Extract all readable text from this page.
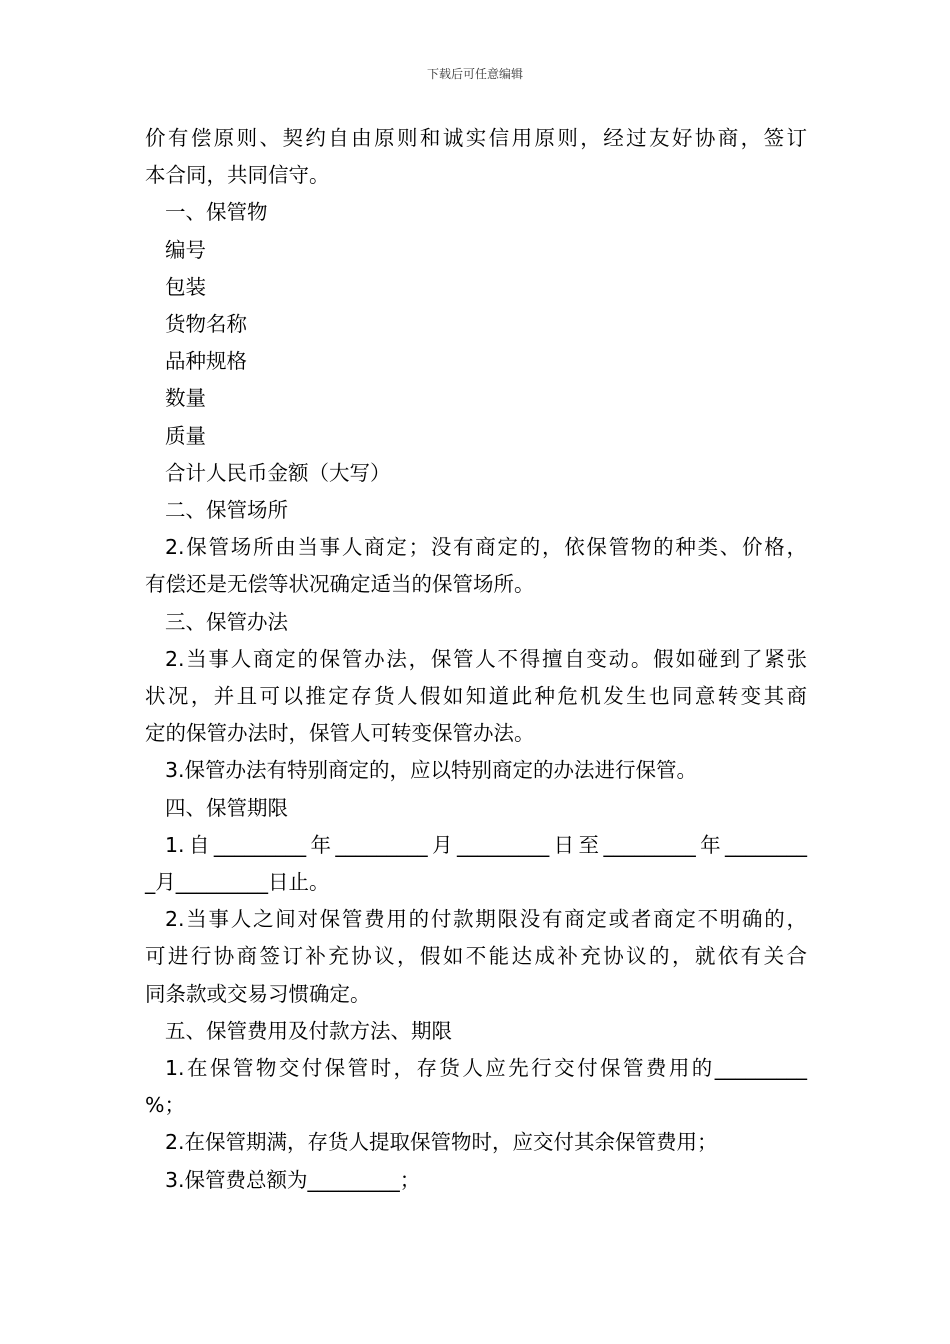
下载后可任意编辑

价有偿原则、契约自由原则和诚实信用原则，经过友好协商，签订

本合同，共同信守。

一、保管物

编号

包装

货物名称

品种规格

数量

质量

合计人民币金额（大写）

二、保管场所

2.保管场所由当事人商定；没有商定的，依保管物的种类、价格，

有偿还是无偿等状况确定适当的保管场所。

三、保管办法

2.当事人商定的保管办法，保管人不得擅自变动。假如碰到了紧张

状况，并且可以推定存货人假如知道此种危机发生也同意转变其商

定的保管办法时，保管人可转变保管办法。

3.保管办法有特别商定的，应以特别商定的办法进行保管。

四、保管期限

1.自_________年_________月_________日至_________年________

_月_________日止。

2.当事人之间对保管费用的付款期限没有商定或者商定不明确的，

可进行协商签订补充协议，假如不能达成补充协议的，就依有关合

同条款或交易习惯确定。

五、保管费用及付款方法、期限

1.在保管物交付保管时，存货人应先行交付保管费用的_________

%；

2.在保管期满，存货人提取保管物时，应交付其余保管费用；

3.保管费总额为_________；
